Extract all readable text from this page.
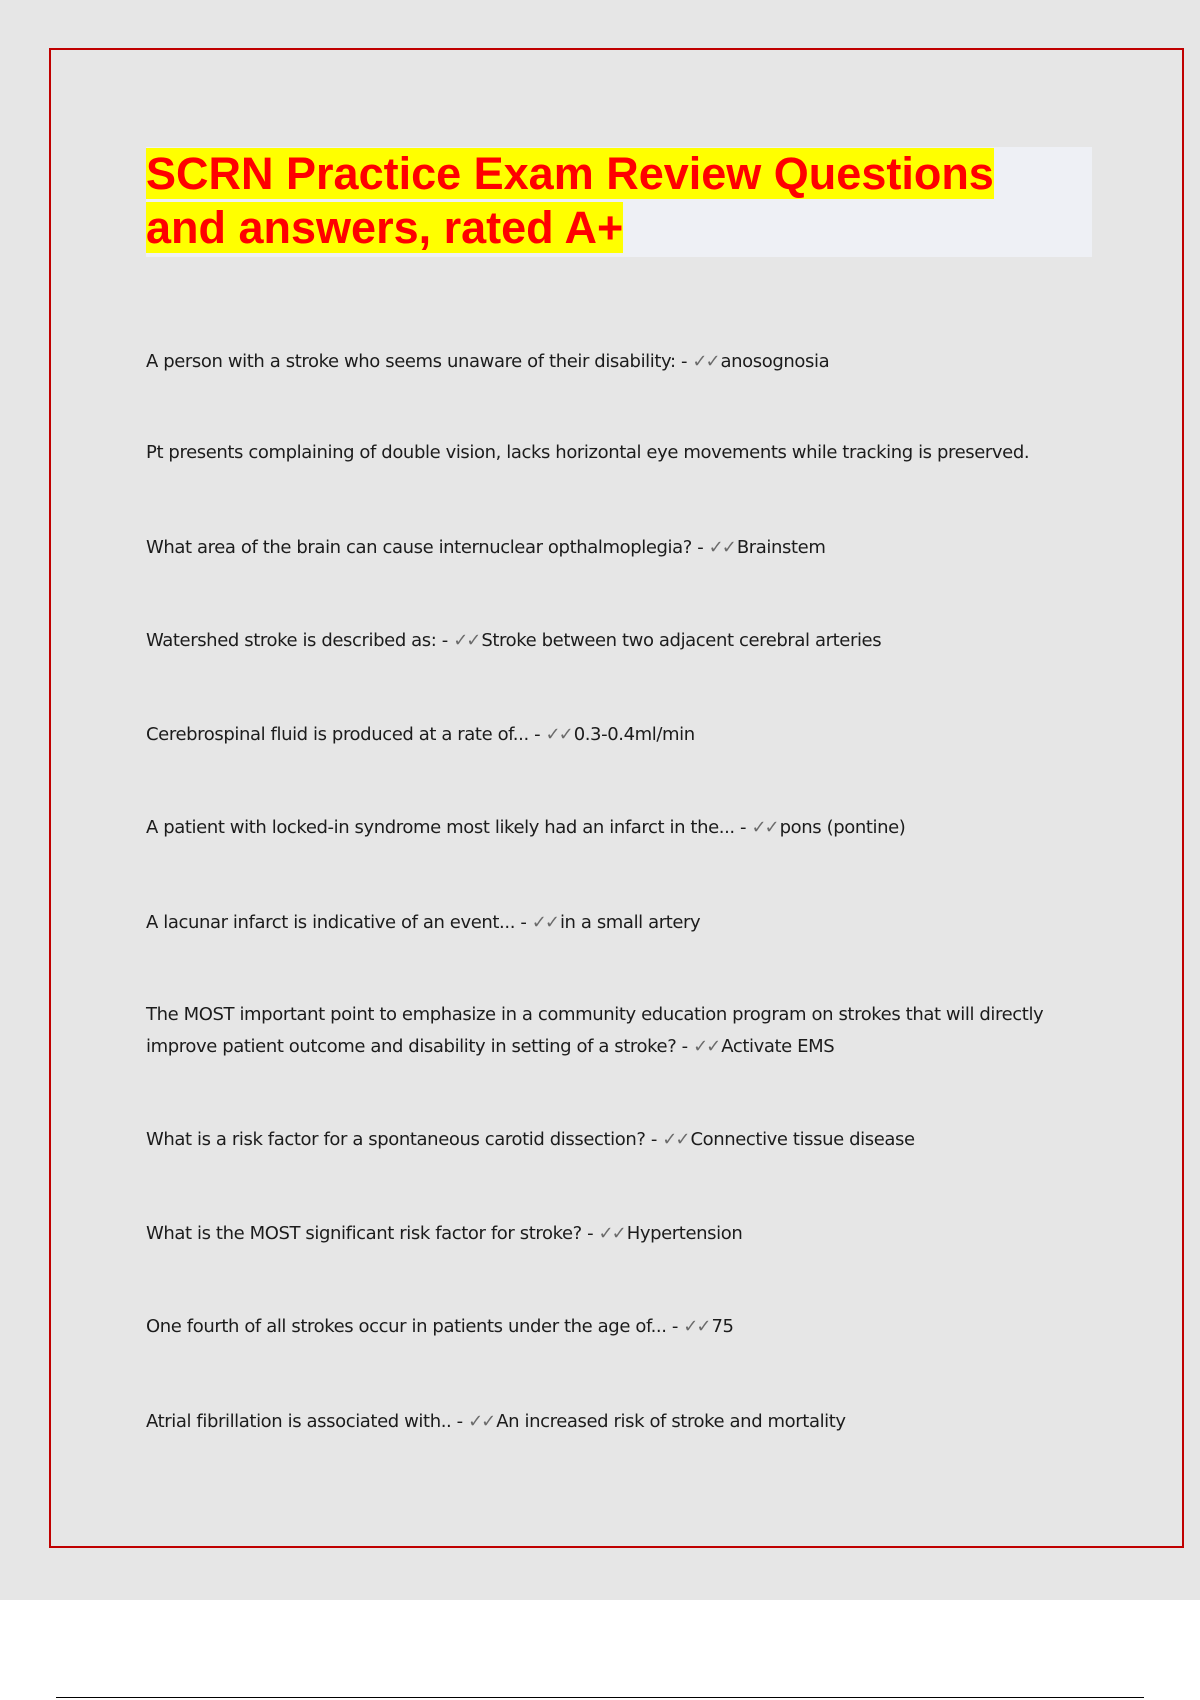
SCRN Practice Exam Review Questions and answers, rated A+

A person with a stroke who seems unaware of their disability: - ✓✓ anosognosia

Pt presents complaining of double vision, lacks horizontal eye movements while tracking is preserved.

What area of the brain can cause internuclear opthalmoplegia? - ✓✓ Brainstem

Watershed stroke is described as: - ✓✓ Stroke between two adjacent cerebral arteries

Cerebrospinal fluid is produced at a rate of... - ✓✓ 0.3-0.4ml/min

A patient with locked-in syndrome most likely had an infarct in the... - ✓✓ pons (pontine)

A lacunar infarct is indicative of an event... - ✓✓ in a small artery

The MOST important point to emphasize in a community education program on strokes that will directly improve patient outcome and disability in setting of a stroke? - ✓✓ Activate EMS

What is a risk factor for a spontaneous carotid dissection? - ✓✓ Connective tissue disease

What is the MOST significant risk factor for stroke? - ✓✓ Hypertension

One fourth of all strokes occur in patients under the age of... - ✓✓ 75

Atrial fibrillation is associated with.. - ✓✓ An increased risk of stroke and mortality
